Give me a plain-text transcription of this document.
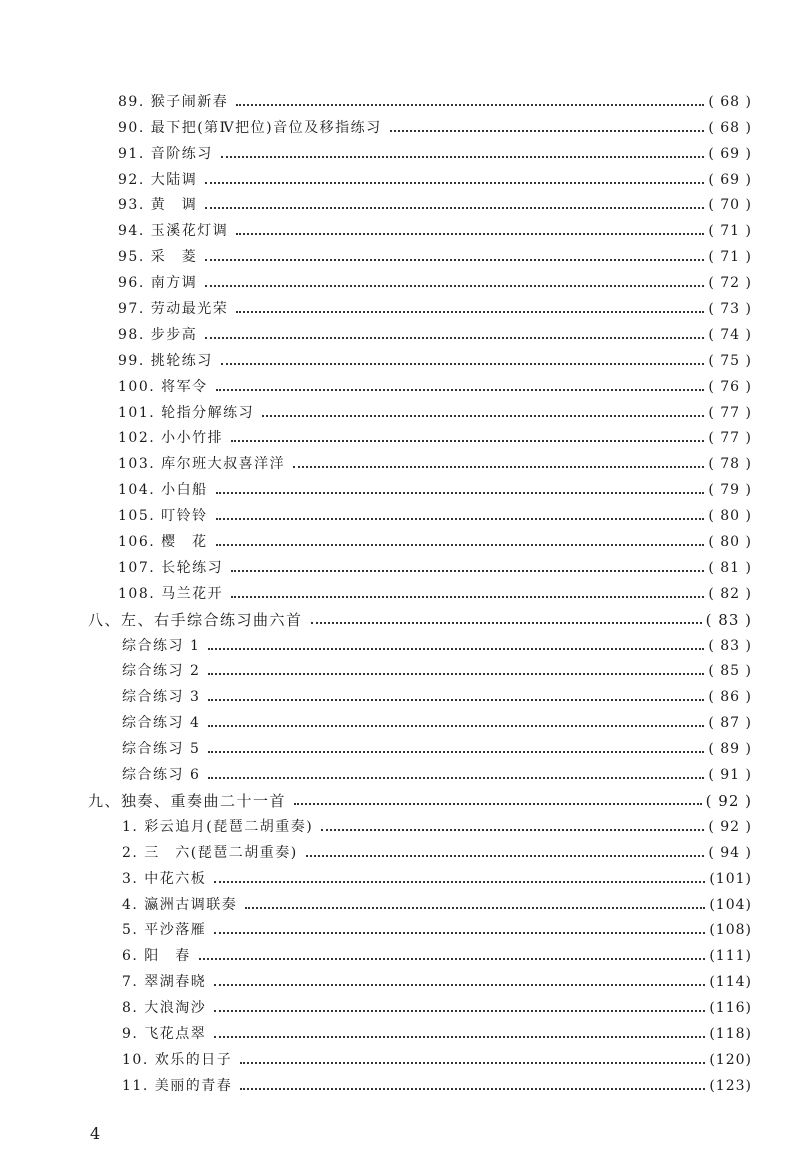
89. 猴子闹新春	( 68 )
90. 最下把(第Ⅳ把位)音位及移指练习	( 68 )
91. 音阶练习	( 69 )
92. 大陆调	( 69 )
93. 黄　调	( 70 )
94. 玉溪花灯调	( 71 )
95. 采　菱	( 71 )
96. 南方调	( 72 )
97. 劳动最光荣	( 73 )
98. 步步高	( 74 )
99. 挑轮练习	( 75 )
100. 将军令	( 76 )
101. 轮指分解练习	( 77 )
102. 小小竹排	( 77 )
103. 库尔班大叔喜洋洋	( 78 )
104. 小白船	( 79 )
105. 叮铃铃	( 80 )
106. 樱　花	( 80 )
107. 长轮练习	( 81 )
108. 马兰花开	( 82 )
八、左、右手综合练习曲六首	( 83 )
综合练习 1	( 83 )
综合练习 2	( 85 )
综合练习 3	( 86 )
综合练习 4	( 87 )
综合练习 5	( 89 )
综合练习 6	( 91 )
九、独奏、重奏曲二十一首	( 92 )
1. 彩云追月(琵琶二胡重奏)	( 92 )
2. 三　六(琵琶二胡重奏)	( 94 )
3. 中花六板	(101)
4. 瀛洲古调联奏	(104)
5. 平沙落雁	(108)
6. 阳　春	(111)
7. 翠湖春晓	(114)
8. 大浪淘沙	(116)
9. 飞花点翠	(118)
10. 欢乐的日子	(120)
11. 美丽的青春	(123)
4
